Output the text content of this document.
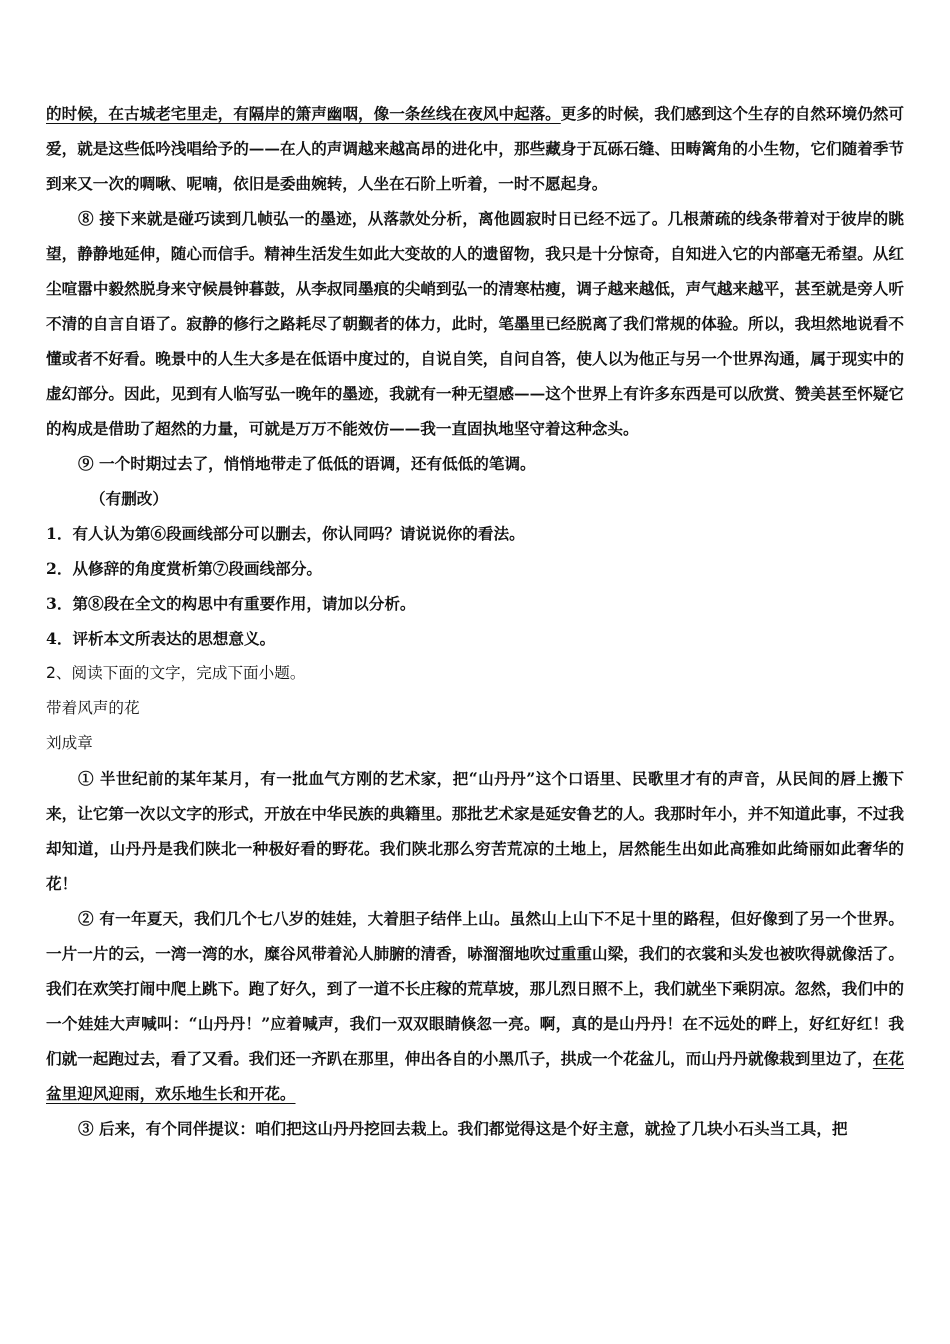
的时候，在古城老宅里走，有隔岸的箫声幽咽，像一条丝线在夜风中起落。更多的时候，我们感到这个生存的自然环境仍然可爱，就是这些低吟浅唱给予的——在人的声调越来越高昂的进化中，那些藏身于瓦砾石缝、田畴篱角的小生物，它们随着季节到来又一次的啁啾、呢喃，依旧是委曲婉转，人坐在石阶上听着，一时不愿起身。

⑧ 接下来就是碰巧读到几帧弘一的墨迹，从落款处分析，离他圆寂时日已经不远了。几根萧疏的线条带着对于彼岸的眺望，静静地延伸，随心而信手。精神生活发生如此大变故的人的遗留物，我只是十分惊奇，自知进入它的内部毫无希望。从红尘喧嚣中毅然脱身来守候晨钟暮鼓，从李叔同墨痕的尖峭到弘一的清寒枯瘦，调子越来越低，声气越来越平，甚至就是旁人听不清的自言自语了。寂静的修行之路耗尽了朝觐者的体力，此时，笔墨里已经脱离了我们常规的体验。所以，我坦然地说看不懂或者不好看。晚景中的人生大多是在低语中度过的，自说自笑，自问自答，使人以为他正与另一个世界沟通，属于现实中的虚幻部分。因此，见到有人临写弘一晚年的墨迹，我就有一种无望感——这个世界上有许多东西是可以欣赏、赞美甚至怀疑它的构成是借助了超然的力量，可就是万万不能效仿——我一直固执地坚守着这种念头。

⑨ 一个时期过去了，悄悄地带走了低低的语调，还有低低的笔调。

（有删改）

1．有人认为第⑥段画线部分可以删去，你认同吗？请说说你的看法。

2．从修辞的角度赏析第⑦段画线部分。

3．第⑧段在全文的构思中有重要作用，请加以分析。

4．评析本文所表达的思想意义。

2、阅读下面的文字，完成下面小题。

带着风声的花

刘成章

① 半世纪前的某年某月，有一批血气方刚的艺术家，把“山丹丹”这个口语里、民歌里才有的声音，从民间的唇上搬下来，让它第一次以文字的形式，开放在中华民族的典籍里。那批艺术家是延安鲁艺的人。我那时年小，并不知道此事，不过我却知道，山丹丹是我们陕北一种极好看的野花。我们陕北那么穷苦荒凉的土地上，居然能生出如此高雅如此绮丽如此奢华的花！

② 有一年夏天，我们几个七八岁的娃娃，大着胆子结伴上山。虽然山上山下不足十里的路程，但好像到了另一个世界。一片一片的云，一湾一湾的水，糜谷风带着沁人肺腑的清香，哧溜溜地吹过重重山梁，我们的衣裳和头发也被吹得就像活了。我们在欢笑打闹中爬上跳下。跑了好久，到了一道不长庄稼的荒草坡，那儿烈日照不上，我们就坐下乘阴凉。忽然，我们中的一个娃娃大声喊叫：“山丹丹！”应着喊声，我们一双双眼睛倏忽一亮。啊，真的是山丹丹！在不远处的畔上，好红好红！我们就一起跑过去，看了又看。我们还一齐趴在那里，伸出各自的小黑爪子，拱成一个花盆儿，而山丹丹就像栽到里边了，在花盆里迎风迎雨，欢乐地生长和开花。

③ 后来，有个同伴提议：咱们把这山丹丹挖回去栽上。我们都觉得这是个好主意，就捡了几块小石头当工具，把
